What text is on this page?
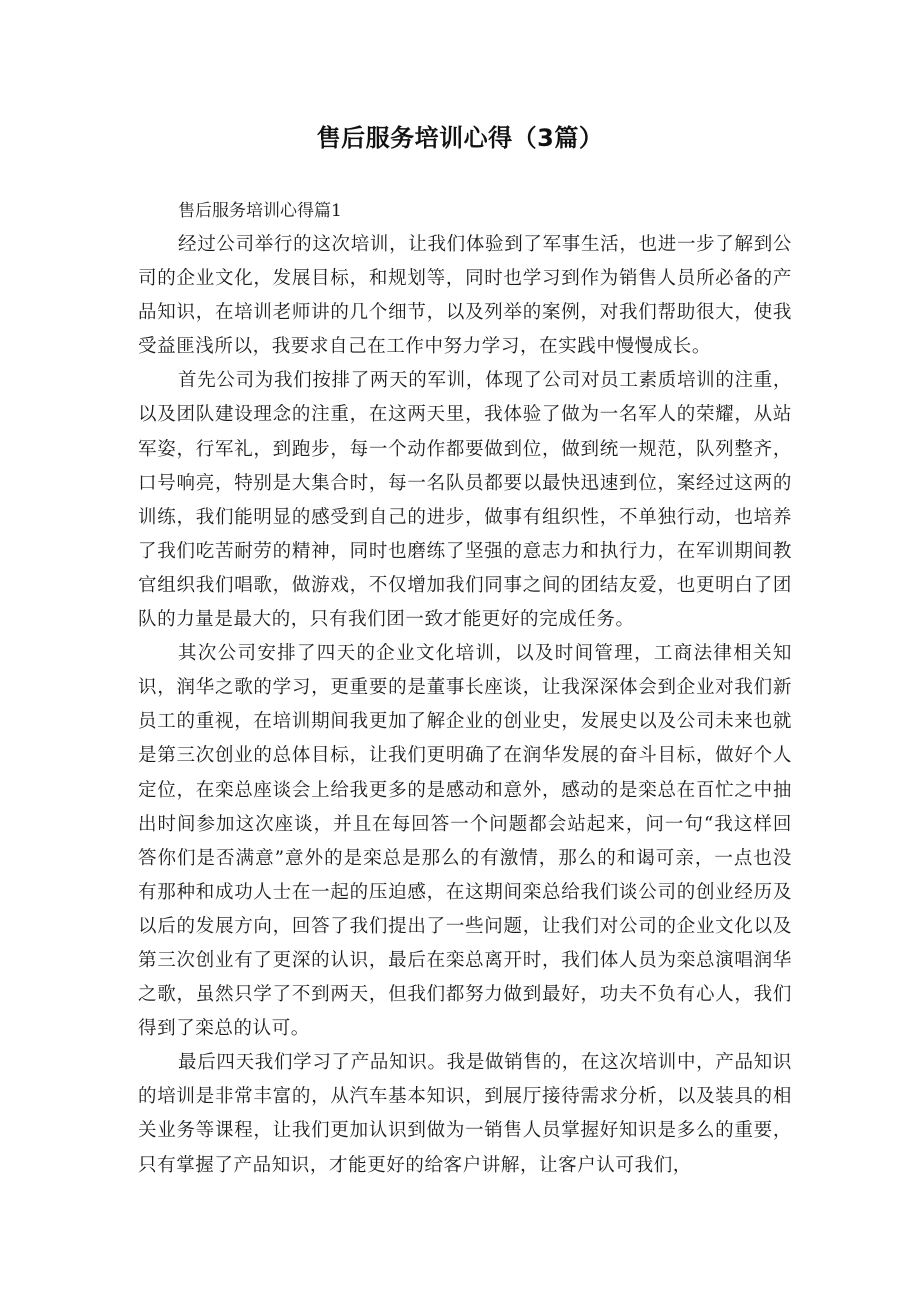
售后服务培训心得（3篇）

售后服务培训心得篇1

经过公司举行的这次培训，让我们体验到了军事生活，也进一步了解到公司的企业文化，发展目标，和规划等，同时也学习到作为销售人员所必备的产品知识，在培训老师讲的几个细节，以及列举的案例，对我们帮助很大，使我受益匪浅所以，我要求自己在工作中努力学习，在实践中慢慢成长。

首先公司为我们按排了两天的军训，体现了公司对员工素质培训的注重，以及团队建设理念的注重，在这两天里，我体验了做为一名军人的荣耀，从站军姿，行军礼，到跑步，每一个动作都要做到位，做到统一规范，队列整齐，口号响亮，特别是大集合时，每一名队员都要以最快迅速到位，案经过这两的训练，我们能明显的感受到自己的进步，做事有组织性，不单独行动，也培养了我们吃苦耐劳的精神，同时也磨练了坚强的意志力和执行力，在军训期间教官组织我们唱歌，做游戏，不仅增加我们同事之间的团结友爱，也更明白了团队的力量是最大的，只有我们团一致才能更好的完成任务。

其次公司安排了四天的企业文化培训，以及时间管理，工商法律相关知识，润华之歌的学习，更重要的是董事长座谈，让我深深体会到企业对我们新员工的重视，在培训期间我更加了解企业的创业史，发展史以及公司未来也就是第三次创业的总体目标，让我们更明确了在润华发展的奋斗目标，做好个人定位，在栾总座谈会上给我更多的是感动和意外，感动的是栾总在百忙之中抽出时间参加这次座谈，并且在每回答一个问题都会站起来，问一句“我这样回答你们是否满意”意外的是栾总是那么的有激情，那么的和谒可亲，一点也没有那种和成功人士在一起的压迫感，在这期间栾总给我们谈公司的创业经历及以后的发展方向，回答了我们提出了一些问题，让我们对公司的企业文化以及第三次创业有了更深的认识，最后在栾总离开时，我们体人员为栾总演唱润华之歌，虽然只学了不到两天，但我们都努力做到最好，功夫不负有心人，我们得到了栾总的认可。

最后四天我们学习了产品知识。我是做销售的，在这次培训中，产品知识的培训是非常丰富的，从汽车基本知识，到展厅接待需求分析，以及装具的相关业务等课程，让我们更加认识到做为一销售人员掌握好知识是多么的重要，只有掌握了产品知识，才能更好的给客户讲解，让客户认可我们，
